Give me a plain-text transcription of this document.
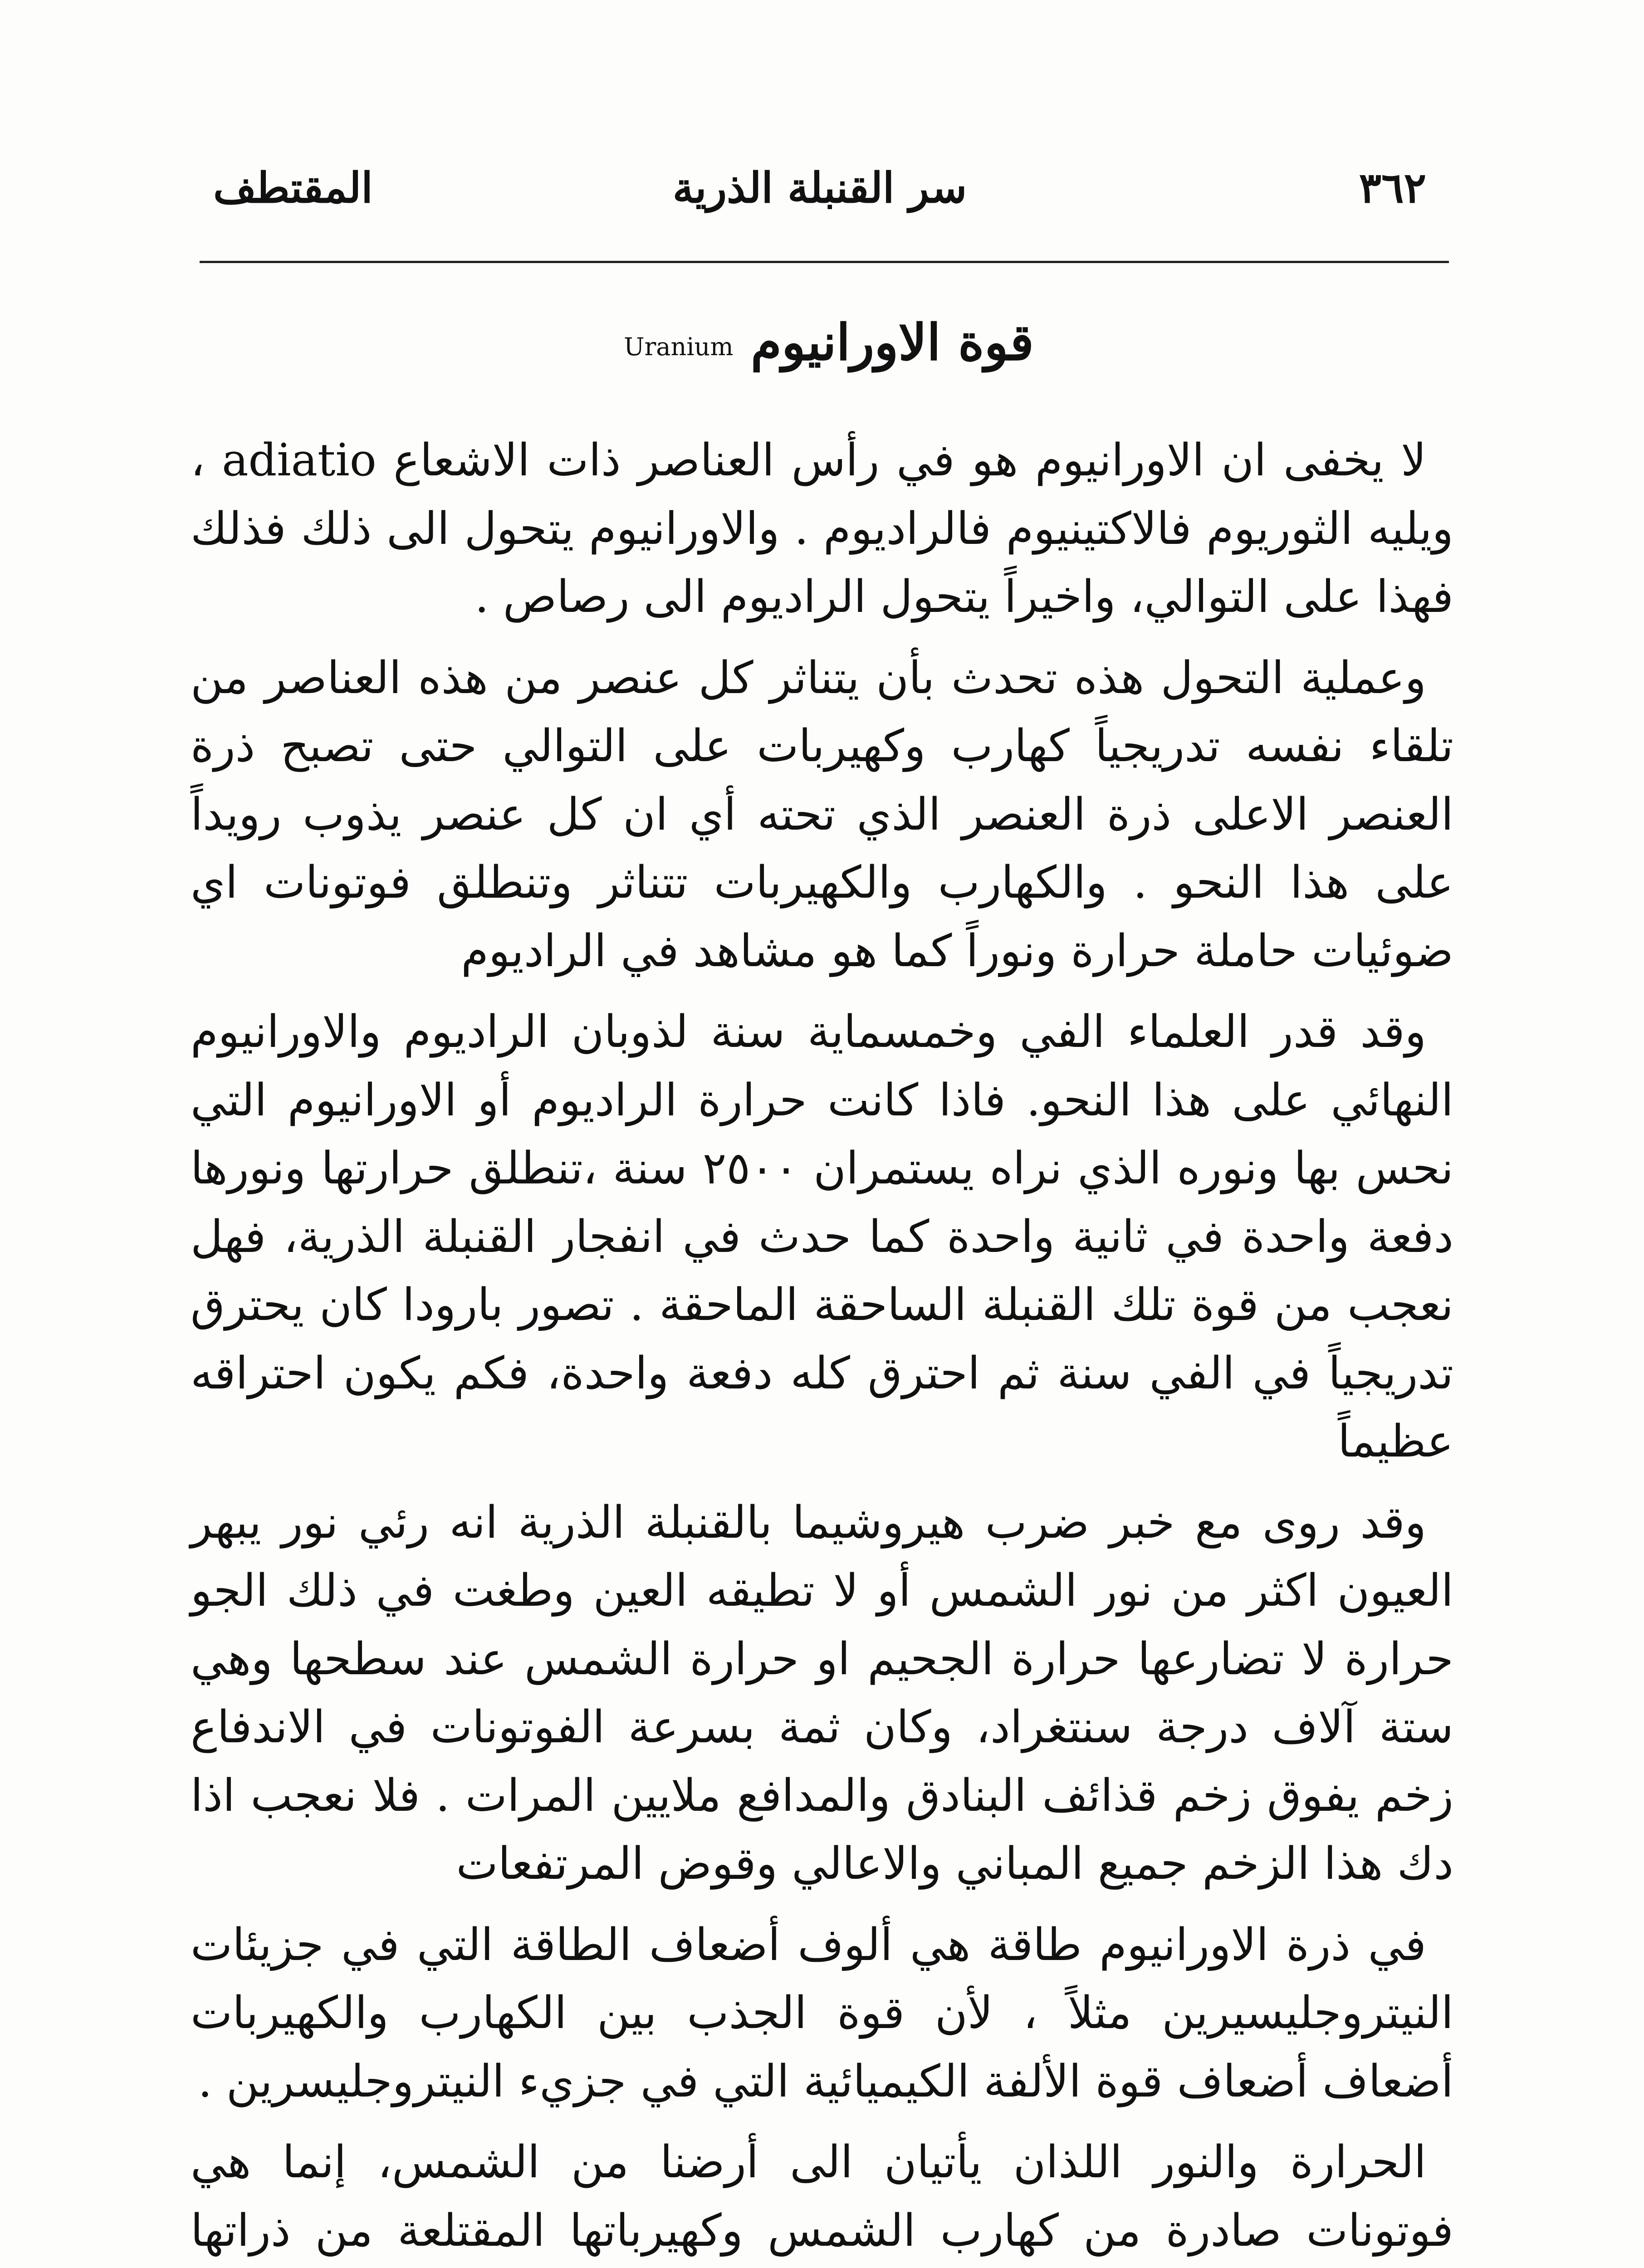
٣٦٢
سر القنبلة الذرية
المقتطف
قوة الاورانيوم Uranium

لا يخفى ان الاورانيوم هو في رأس العناصر ذات الاشعاع adiatio ، ويليه الثوريوم فالاكتينيوم فالراديوم . والاورانيوم يتحول الى ذلك فذلك فهذا على التوالي، واخيراً يتحول الراديوم الى رصاص .

وعملية التحول هذه تحدث بأن يتناثر كل عنصر من هذه العناصر من تلقاء نفسه تدريجياً كهارب وكهيربات على التوالي حتى تصبح ذرة العنصر الاعلى ذرة العنصر الذي تحته أي ان كل عنصر يذوب رويداً على هذا النحو . والكهارب والكهيربات تتناثر وتنطلق فوتونات اي ضوئيات حاملة حرارة ونوراً كما هو مشاهد في الراديوم

وقد قدر العلماء الفي وخمسماية سنة لذوبان الراديوم والاورانيوم النهائي على هذا النحو. فاذا كانت حرارة الراديوم أو الاورانيوم التي نحس بها ونوره الذي نراه يستمران ٢٥٠٠ سنة ،تنطلق حرارتها ونورها دفعة واحدة في ثانية واحدة كما حدث في انفجار القنبلة الذرية، فهل نعجب من قوة تلك القنبلة الساحقة الماحقة . تصور بارودا كان يحترق تدريجياً في الفي سنة ثم احترق كله دفعة واحدة، فكم يكون احتراقه عظيماً

وقد روى مع خبر ضرب هيروشيما بالقنبلة الذرية انه رئي نور يبهر العيون اكثر من نور الشمس أو لا تطيقه العين وطغت في ذلك الجو حرارة لا تضارعها حرارة الجحيم او حرارة الشمس عند سطحها وهي ستة آلاف درجة سنتغراد، وكان ثمة بسرعة الفوتونات في الاندفاع زخم يفوق زخم قذائف البنادق والمدافع ملايين المرات . فلا نعجب اذا دك هذا الزخم جميع المباني والاعالي وقوض المرتفعات

في ذرة الاورانيوم طاقة هي ألوف أضعاف الطاقة التي في جزيئات النيتروجليسيرين مثلاً ، لأن قوة الجذب بين الكهارب والكهيربات أضعاف أضعاف قوة الألفة الكيميائية التي في جزيء النيتروجليسرين .

الحرارة والنور اللذان يأتيان الى أرضنا من الشمس، إنما هي فوتونات صادرة من كهارب الشمس وكهيرباتها المقتلعة من ذراتها
